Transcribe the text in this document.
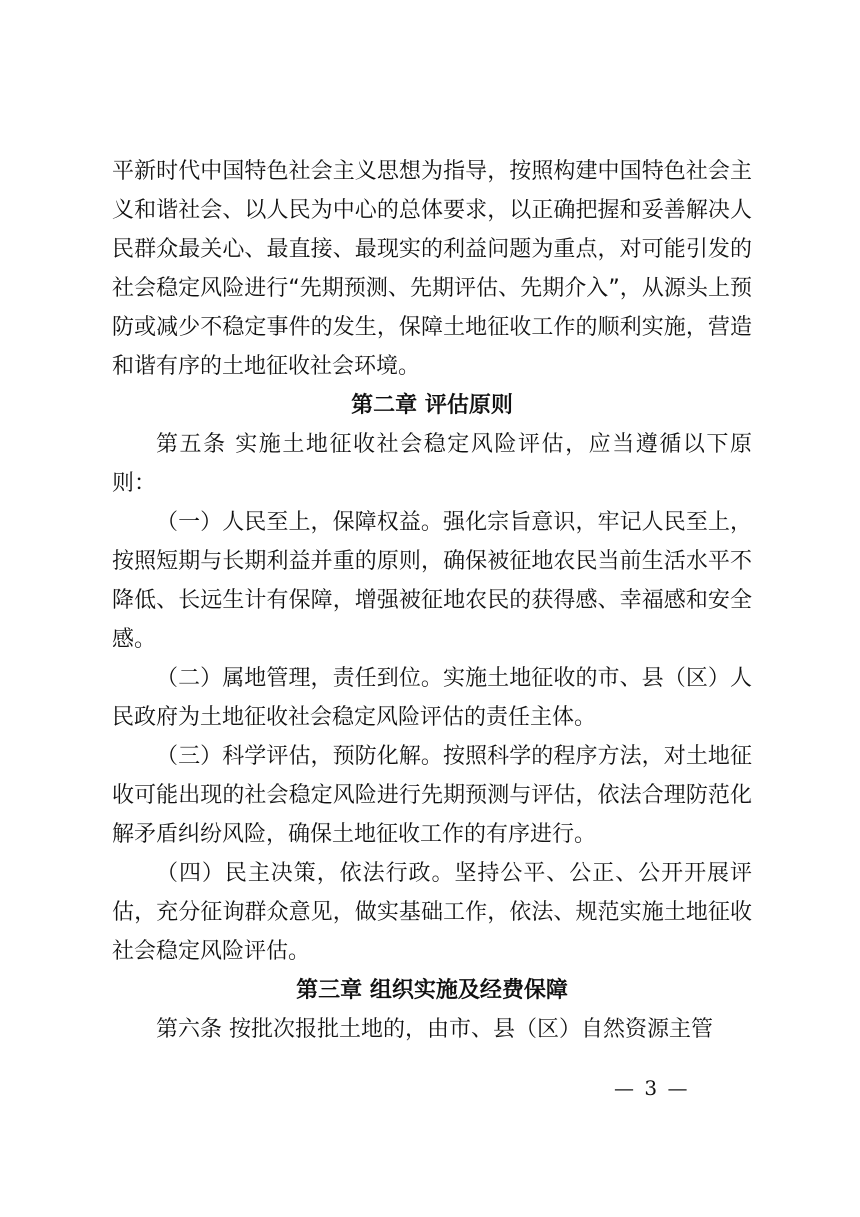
平新时代中国特色社会主义思想为指导，按照构建中国特色社会主义和谐社会、以人民为中心的总体要求，以正确把握和妥善解决人民群众最关心、最直接、最现实的利益问题为重点，对可能引发的社会稳定风险进行“先期预测、先期评估、先期介入”，从源头上预防或减少不稳定事件的发生，保障土地征收工作的顺利实施，营造和谐有序的土地征收社会环境。

第二章 评估原则

第五条 实施土地征收社会稳定风险评估，应当遵循以下原则：

（一）人民至上，保障权益。强化宗旨意识，牢记人民至上，按照短期与长期利益并重的原则，确保被征地农民当前生活水平不降低、长远生计有保障，增强被征地农民的获得感、幸福感和安全感。

（二）属地管理，责任到位。实施土地征收的市、县（区）人民政府为土地征收社会稳定风险评估的责任主体。

（三）科学评估，预防化解。按照科学的程序方法，对土地征收可能出现的社会稳定风险进行先期预测与评估，依法合理防范化解矛盾纠纷风险，确保土地征收工作的有序进行。

（四）民主决策，依法行政。坚持公平、公正、公开开展评估，充分征询群众意见，做实基础工作，依法、规范实施土地征收社会稳定风险评估。

第三章 组织实施及经费保障

第六条 按批次报批土地的，由市、县（区）自然资源主管

— 3 —
